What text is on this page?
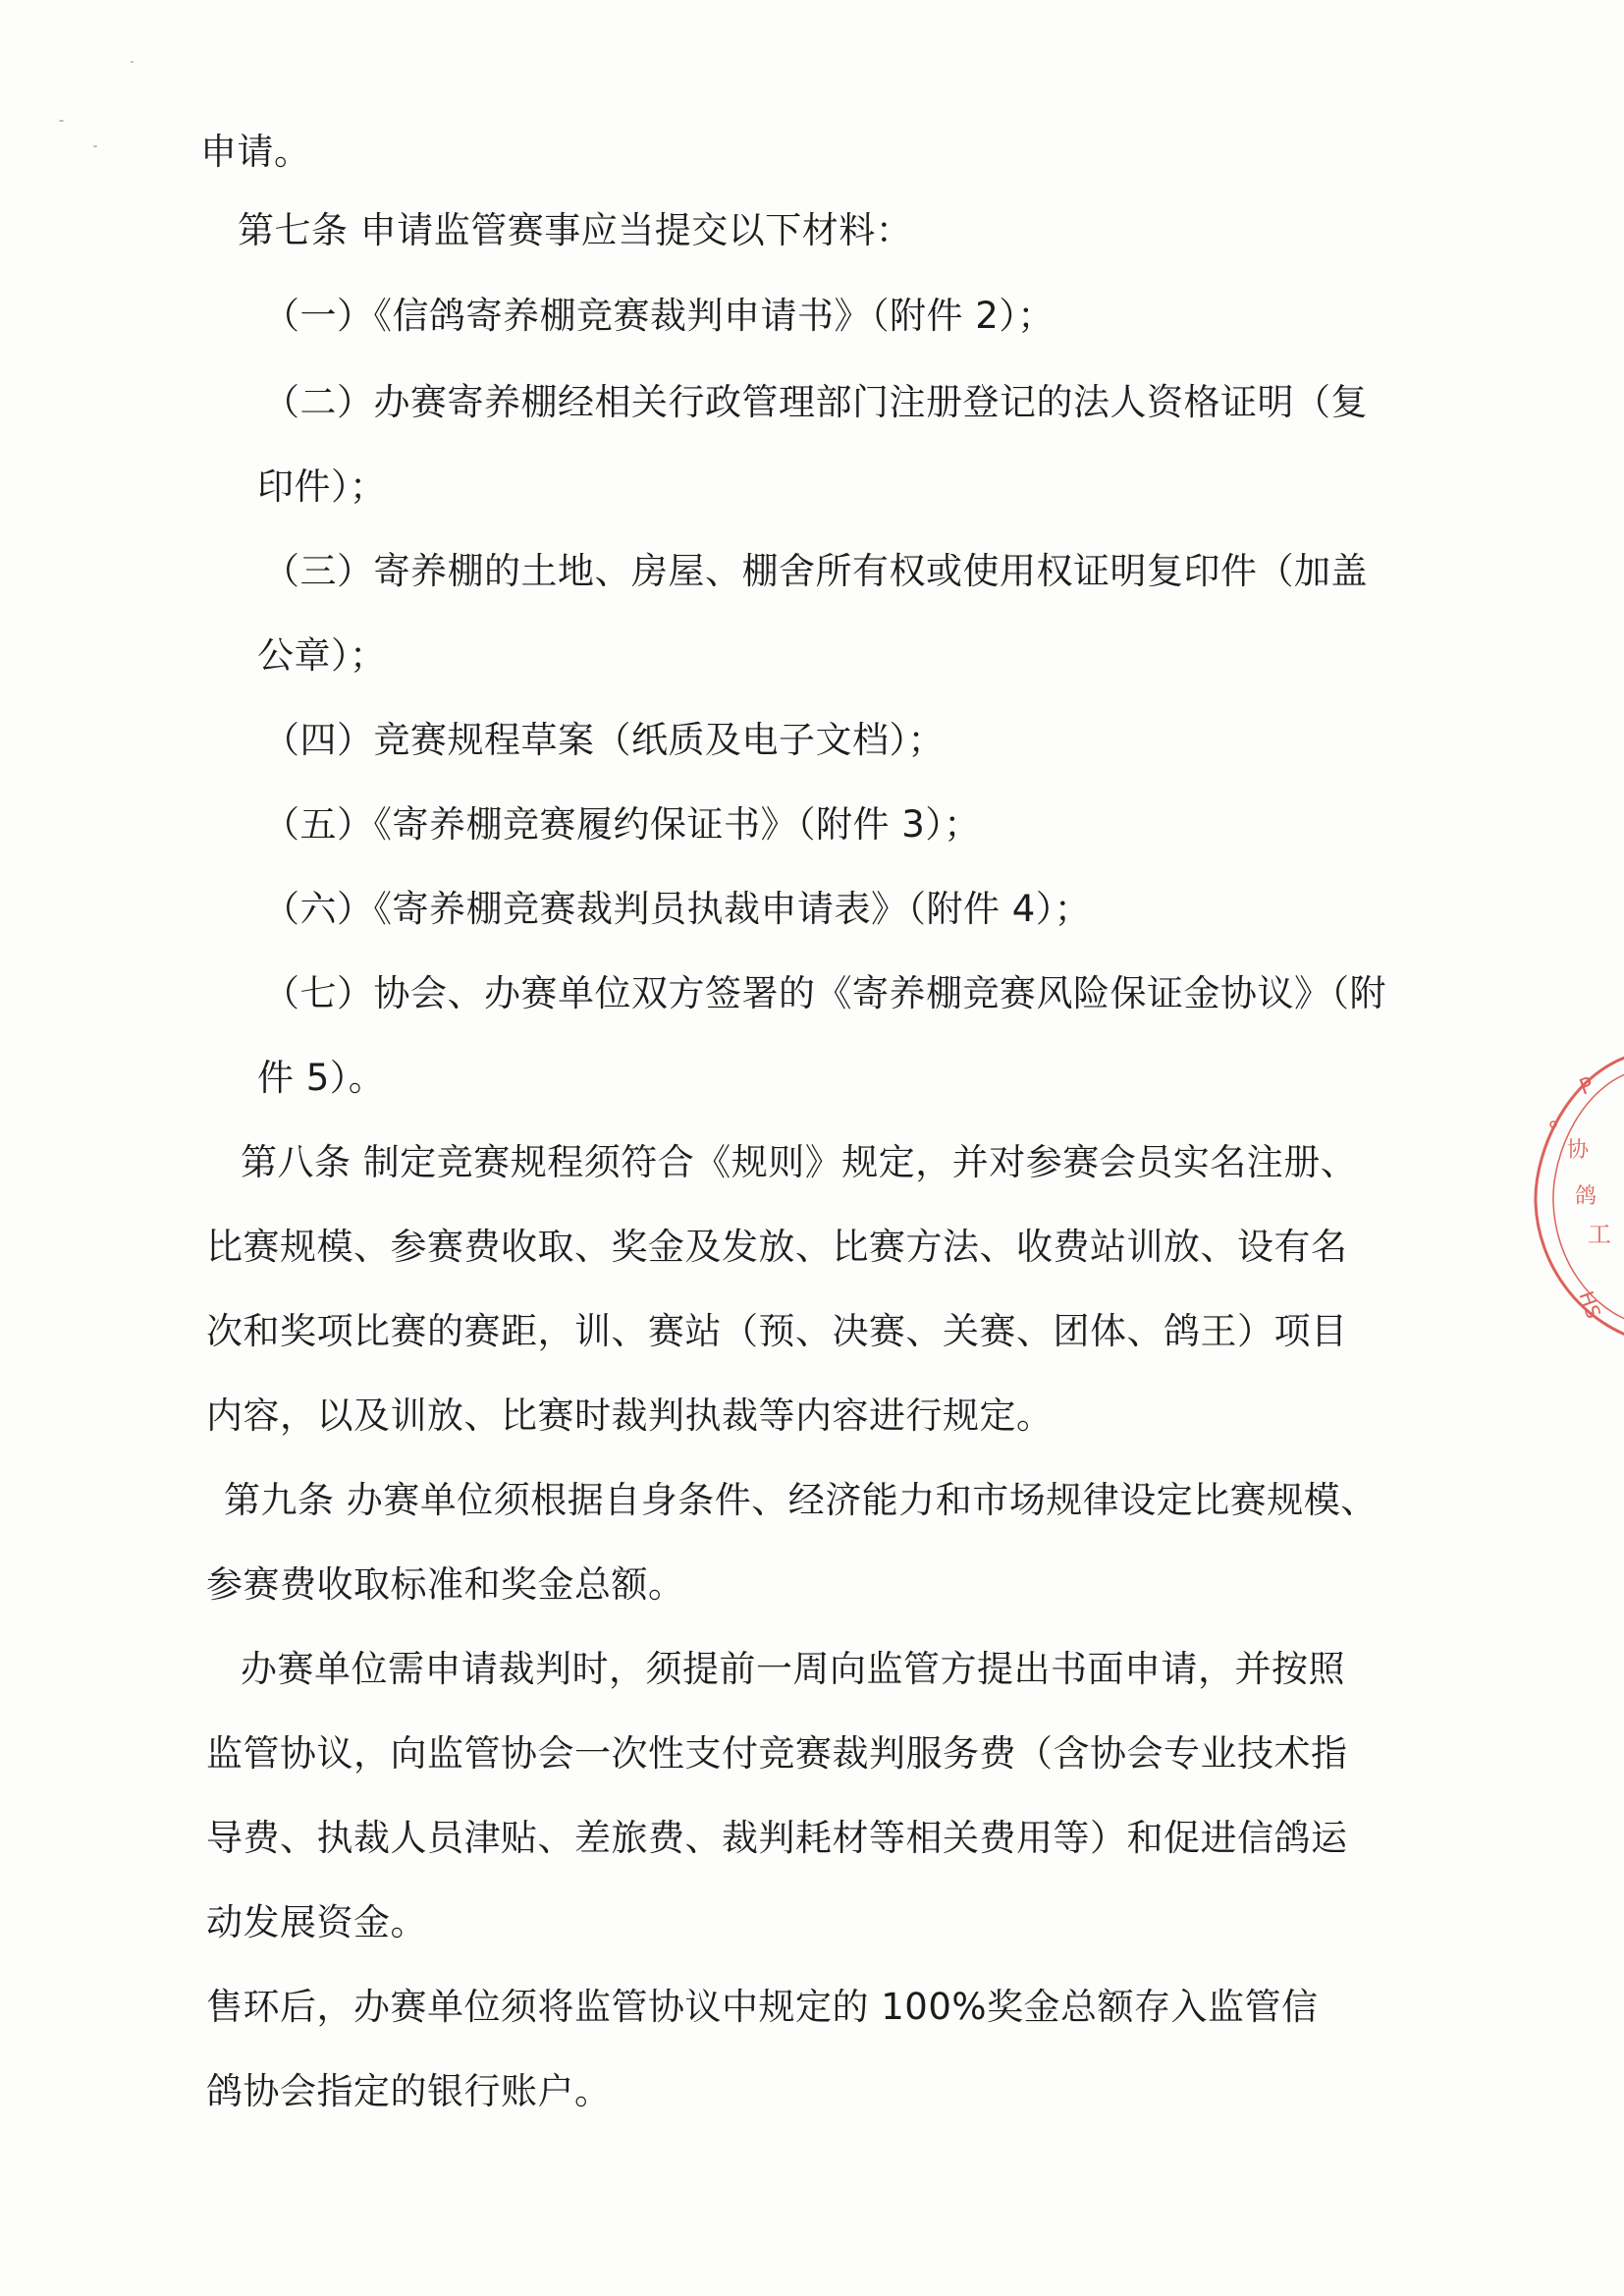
申请。
第七条 申请监管赛事应当提交以下材料：
（一）《信鸽寄养棚竞赛裁判申请书》（附件 2）；
（二）办赛寄养棚经相关行政管理部门注册登记的法人资格证明（复
印件）；
（三）寄养棚的土地、房屋、棚舍所有权或使用权证明复印件（加盖
公章）；
（四）竞赛规程草案（纸质及电子文档）；
（五）《寄养棚竞赛履约保证书》（附件 3）；
（六）《寄养棚竞赛裁判员执裁申请表》（附件 4）；
（七）协会、办赛单位双方签署的《寄养棚竞赛风险保证金协议》（附
件 5）。
第八条 制定竞赛规程须符合《规则》规定，并对参赛会员实名注册、
比赛规模、参赛费收取、奖金及发放、比赛方法、收费站训放、设有名
次和奖项比赛的赛距，训、赛站（预、决赛、关赛、团体、鸽王）项目
内容，以及训放、比赛时裁判执裁等内容进行规定。
第九条 办赛单位须根据自身条件、经济能力和市场规律设定比赛规模、
参赛费收取标准和奖金总额。
办赛单位需申请裁判时，须提前一周向监管方提出书面申请，并按照
监管协议，向监管协会一次性支付竞赛裁判服务费（含协会专业技术指
导费、执裁人员津贴、差旅费、裁判耗材等相关费用等）和促进信鸽运
动发展资金。
售环后，办赛单位须将监管协议中规定的 100%奖金总额存入监管信
鸽协会指定的银行账户。
P
协
鸽
工
HS
